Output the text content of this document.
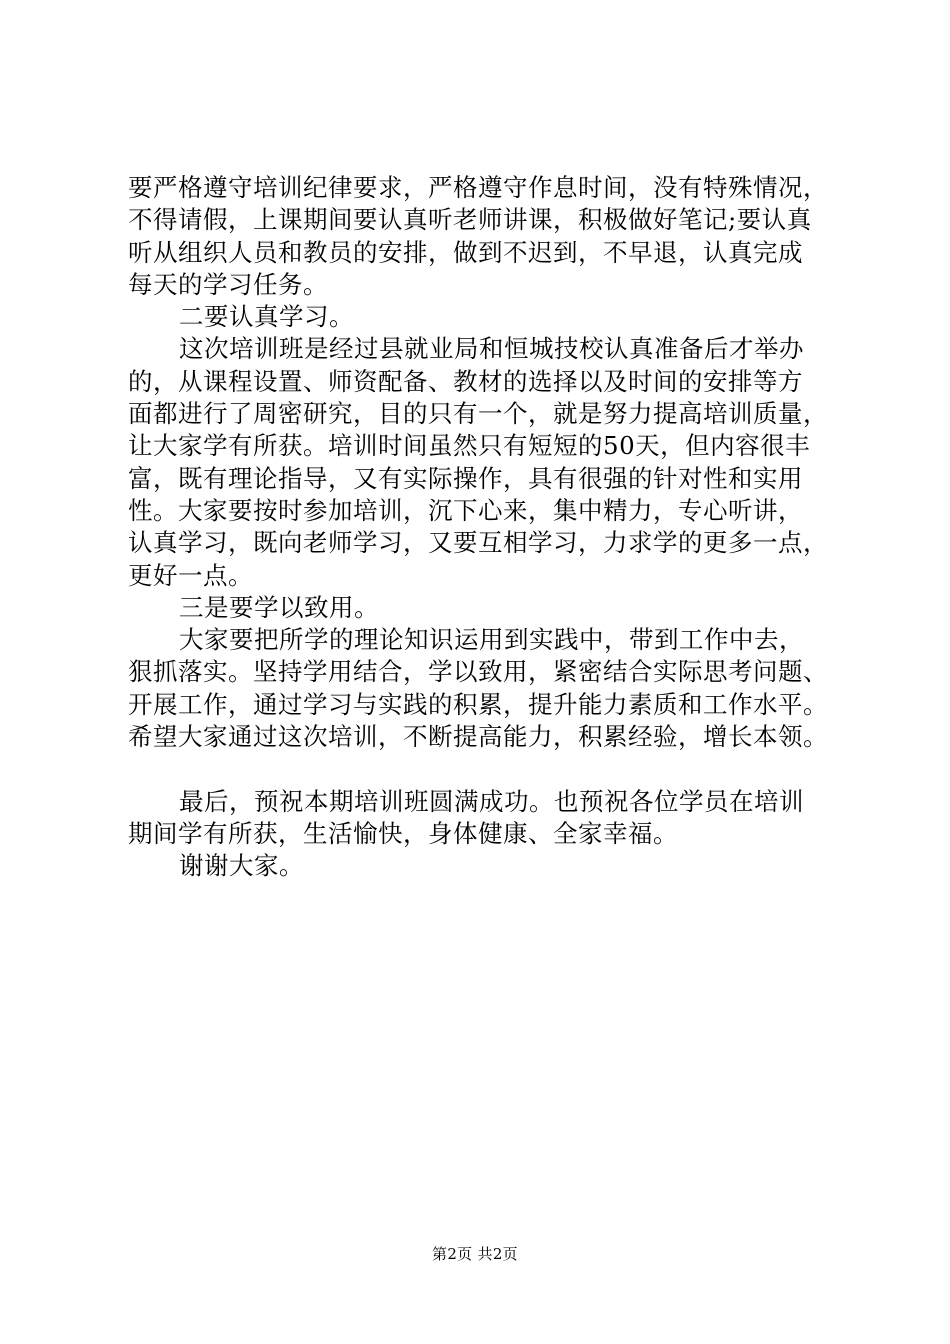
要严格遵守培训纪律要求，严格遵守作息时间，没有特殊情况，
不得请假，上课期间要认真听老师讲课，积极做好笔记;要认真
听从组织人员和教员的安排，做到不迟到，不早退，认真完成
每天的学习任务。
二要认真学习。
这次培训班是经过县就业局和恒城技校认真准备后才举办
的，从课程设置、师资配备、教材的选择以及时间的安排等方
面都进行了周密研究，目的只有一个，就是努力提高培训质量，
让大家学有所获。培训时间虽然只有短短的50天，但内容很丰
富，既有理论指导，又有实际操作，具有很强的针对性和实用
性。大家要按时参加培训，沉下心来，集中精力，专心听讲，
认真学习，既向老师学习，又要互相学习，力求学的更多一点，
更好一点。
三是要学以致用。
大家要把所学的理论知识运用到实践中，带到工作中去，
狠抓落实。坚持学用结合，学以致用，紧密结合实际思考问题、
开展工作，通过学习与实践的积累，提升能力素质和工作水平。
希望大家通过这次培训，不断提高能力，积累经验，增长本领。
最后，预祝本期培训班圆满成功。也预祝各位学员在培训
期间学有所获，生活愉快，身体健康、全家幸福。
谢谢大家。
第2页 共2页
